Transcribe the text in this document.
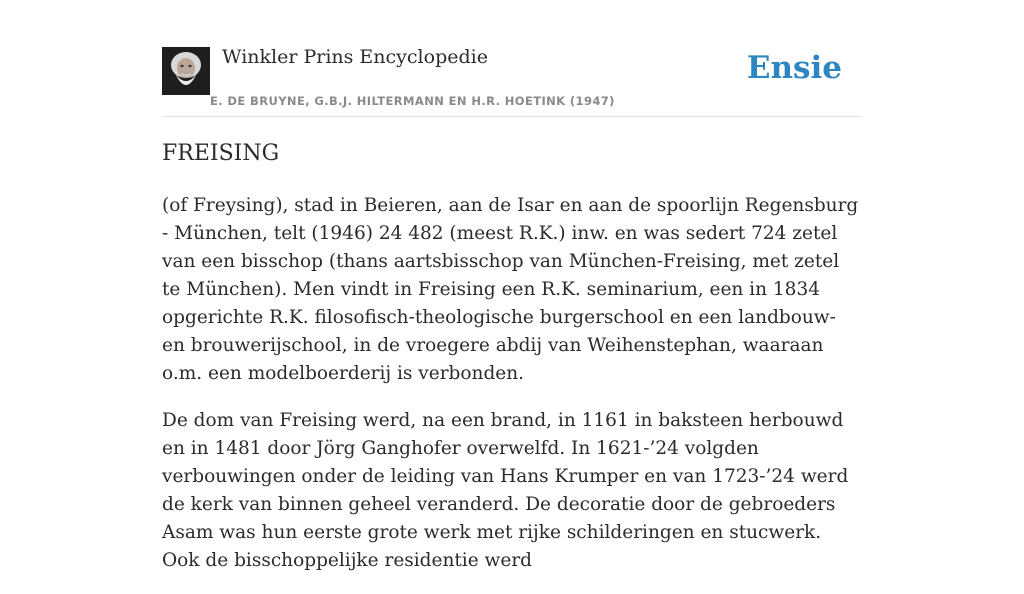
Winkler Prins Encyclopedie
E. DE BRUYNE, G.B.J. HILTERMANN EN H.R. HOETINK (1947)
Ensie
FREISING

(of Freysing), stad in Beieren, aan de Isar en aan de spoorlijn Regensburg - München, telt (1946) 24 482 (meest R.K.) inw. en was sedert 724 zetel van een bisschop (thans aartsbisschop van München-Freising, met zetel te München). Men vindt in Freising een R.K. seminarium, een in 1834 opgerichte R.K. filosofisch-theologische burgerschool en een landbouw- en brouwerijschool, in de vroegere abdij van Weihenstephan, waaraan o.m. een modelboerderij is verbonden.

De dom van Freising werd, na een brand, in 1161 in baksteen herbouwd en in 1481 door Jörg Ganghofer overwelfd. In 1621-’24 volgden verbouwingen onder de leiding van Hans Krumper en van 1723-’24 werd de kerk van binnen geheel veranderd. De decoratie door de gebroeders Asam was hun eerste grote werk met rijke schilderingen en stucwerk. Ook de bisschoppelijke residentie werd
